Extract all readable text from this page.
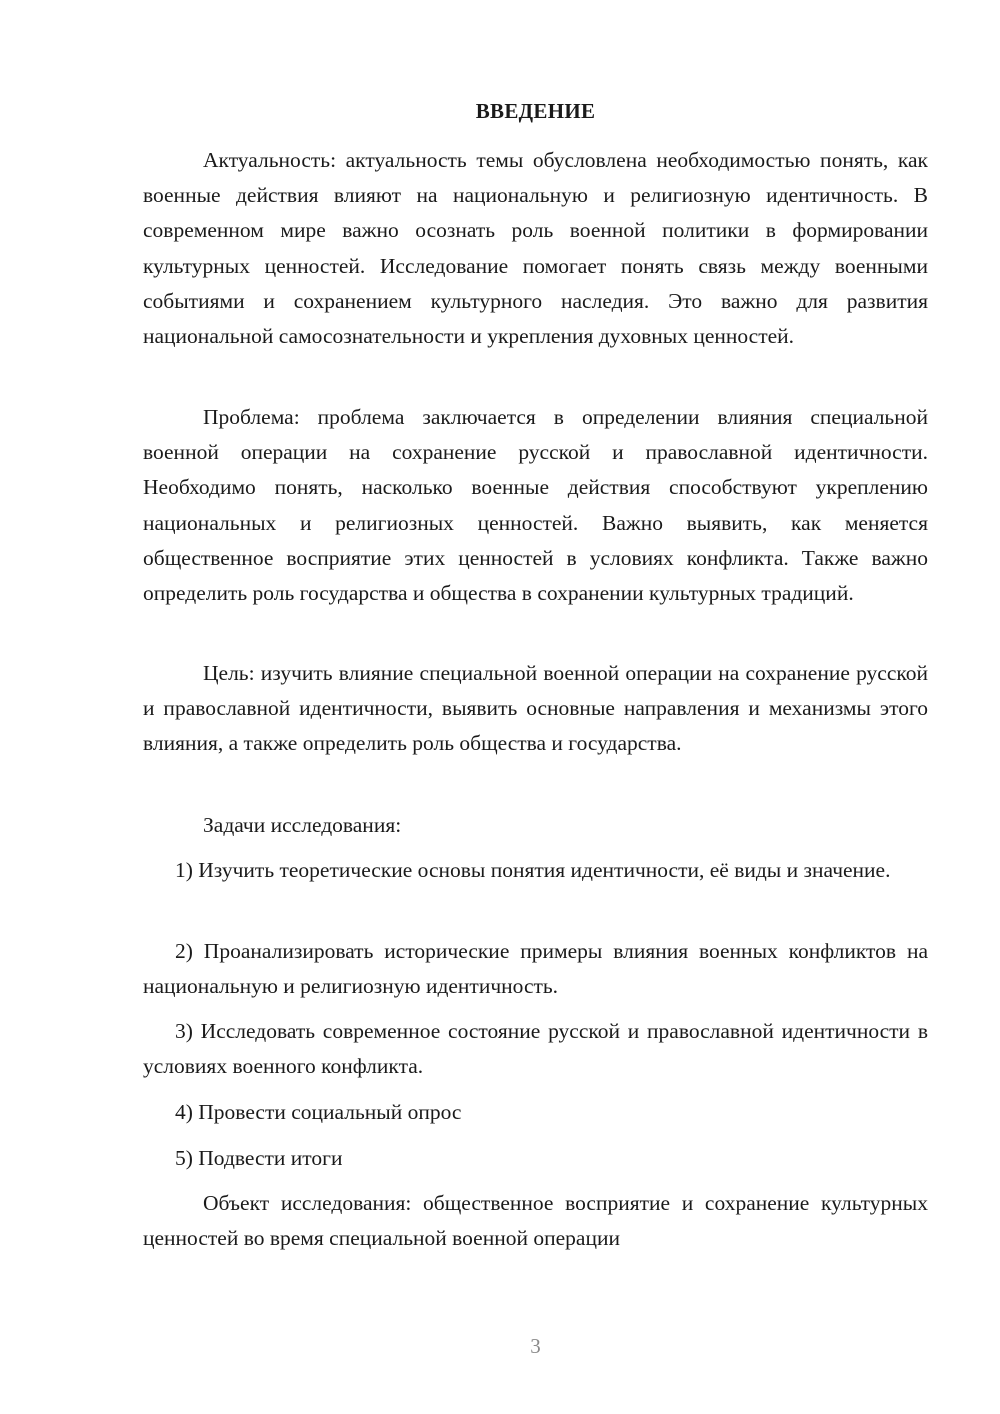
ВВЕДЕНИЕ

Актуальность: актуальность темы обусловлена необходимостью понять, как военные действия влияют на национальную и религиозную идентичность. В современном мире важно осознать роль военной политики в формировании культурных ценностей. Исследование помогает понять связь между военными событиями и сохранением культурного наследия. Это важно для развития национальной самосознательности и укрепления духовных ценностей.

Проблема: проблема заключается в определении влияния специальной военной операции на сохранение русской и православной идентичности. Необходимо понять, насколько военные действия способствуют укреплению национальных и религиозных ценностей. Важно выявить, как меняется общественное восприятие этих ценностей в условиях конфликта. Также важно определить роль государства и общества в сохранении культурных традиций.

Цель: изучить влияние специальной военной операции на сохранение русской и православной идентичности, выявить основные направления и механизмы этого влияния, а также определить роль общества и государства.

Задачи исследования:

1) Изучить теоретические основы понятия идентичности, её виды и значение.

2) Проанализировать исторические примеры влияния военных конфликтов на национальную и религиозную идентичность.

3) Исследовать современное состояние русской и православной идентичности в условиях военного конфликта.

4) Провести социальный опрос

5) Подвести итоги

Объект исследования: общественное восприятие и сохранение культурных ценностей во время специальной военной операции

3
